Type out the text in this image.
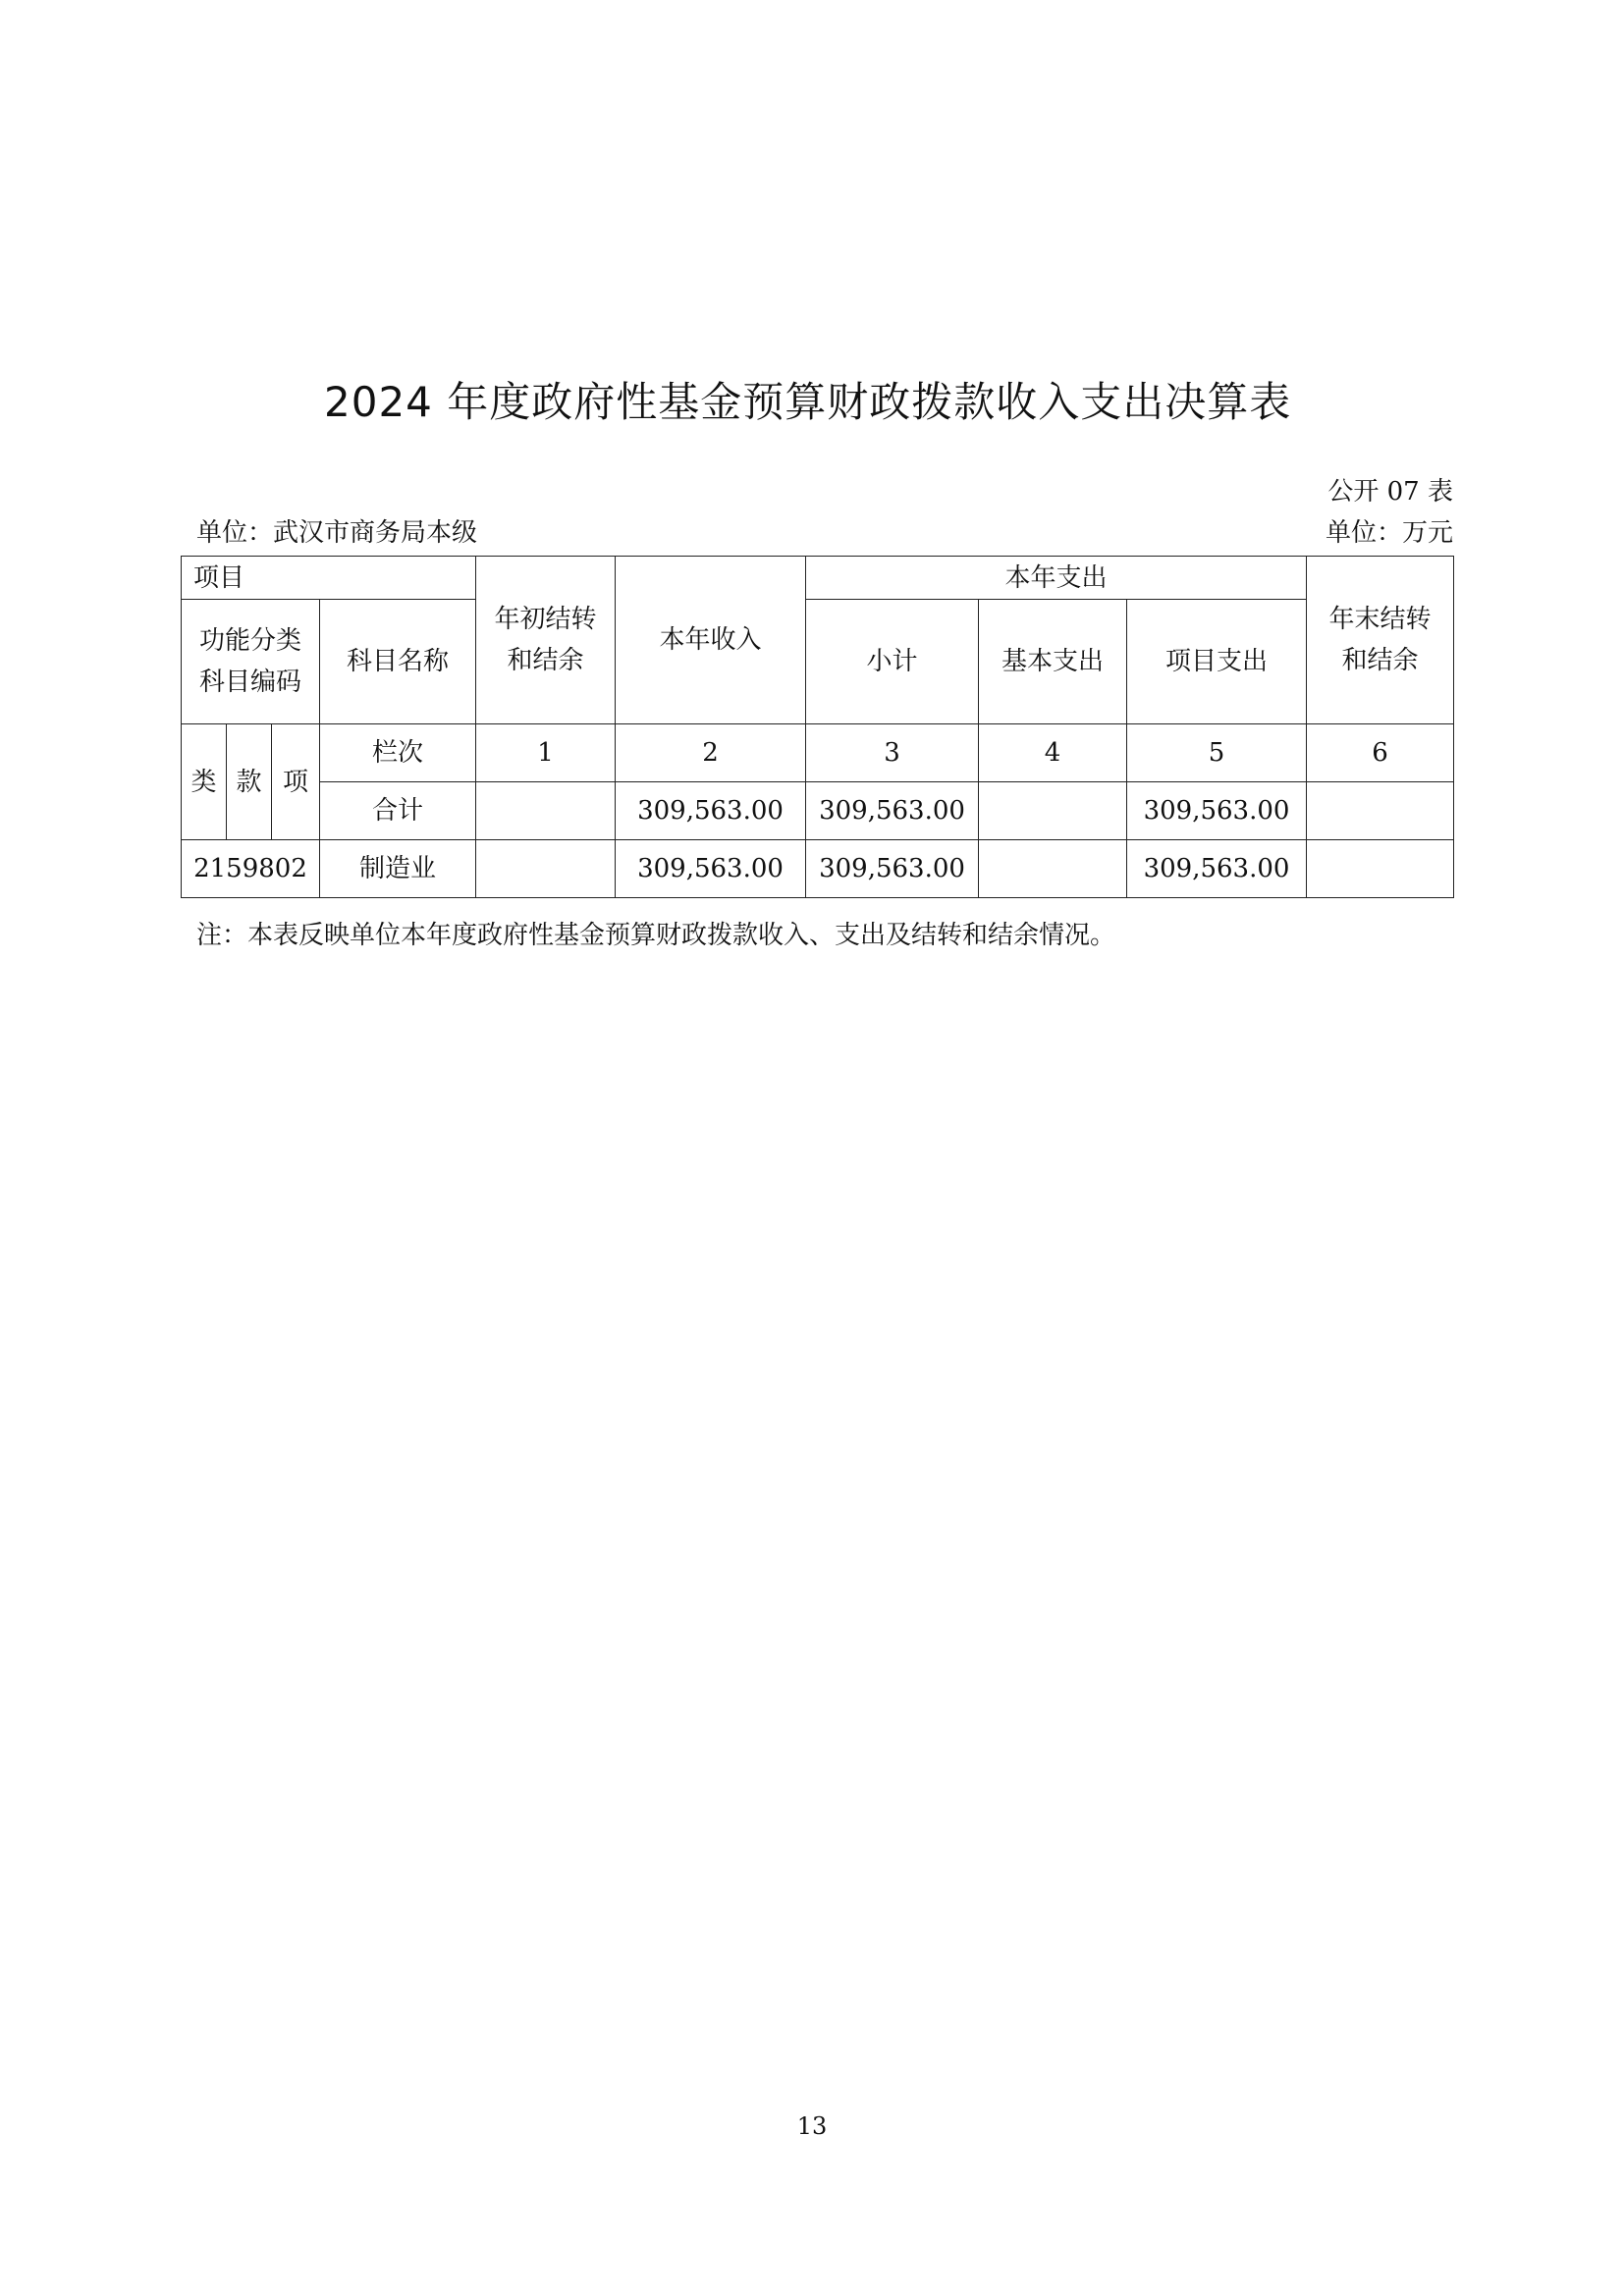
2024 年度政府性基金预算财政拨款收入支出决算表
公开 07 表
单位：武汉市商务局本级	单位：万元
项目				年初结转和结余	本年收入	本年支出			年末结转和结余
功能分类科目编码			科目名称			小计	基本支出	项目支出	
类	款	项	栏次	1	2	3	4	5	6
			合计		309,563.00	309,563.00		309,563.00	
2159802			制造业		309,563.00	309,563.00		309,563.00	
注：本表反映单位本年度政府性基金预算财政拨款收入、支出及结转和结余情况。
13
